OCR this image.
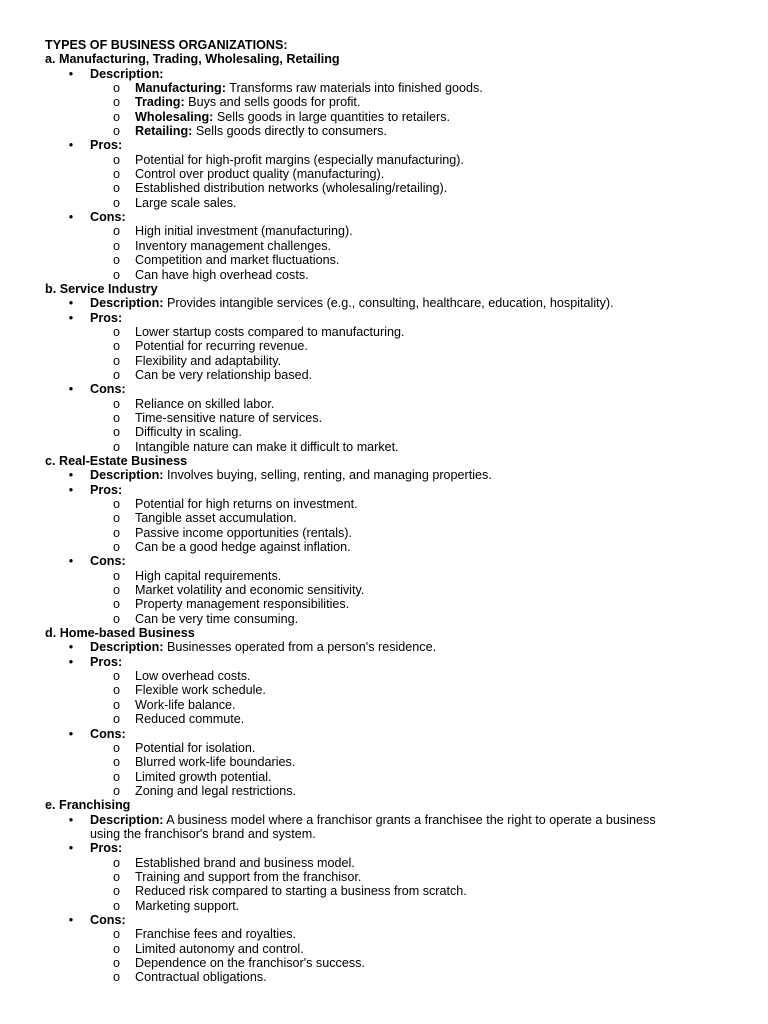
TYPES OF BUSINESS ORGANIZATIONS:
a. Manufacturing, Trading, Wholesaling, Retailing
• Description:
o Manufacturing: Transforms raw materials into finished goods.
o Trading: Buys and sells goods for profit.
o Wholesaling: Sells goods in large quantities to retailers.
o Retailing: Sells goods directly to consumers.
• Pros:
o Potential for high-profit margins (especially manufacturing).
o Control over product quality (manufacturing).
o Established distribution networks (wholesaling/retailing).
o Large scale sales.
• Cons:
o High initial investment (manufacturing).
o Inventory management challenges.
o Competition and market fluctuations.
o Can have high overhead costs.
b. Service Industry
• Description: Provides intangible services (e.g., consulting, healthcare, education, hospitality).
• Pros:
o Lower startup costs compared to manufacturing.
o Potential for recurring revenue.
o Flexibility and adaptability.
o Can be very relationship based.
• Cons:
o Reliance on skilled labor.
o Time-sensitive nature of services.
o Difficulty in scaling.
o Intangible nature can make it difficult to market.
c. Real-Estate Business
• Description: Involves buying, selling, renting, and managing properties.
• Pros:
o Potential for high returns on investment.
o Tangible asset accumulation.
o Passive income opportunities (rentals).
o Can be a good hedge against inflation.
• Cons:
o High capital requirements.
o Market volatility and economic sensitivity.
o Property management responsibilities.
o Can be very time consuming.
d. Home-based Business
• Description: Businesses operated from a person's residence.
• Pros:
o Low overhead costs.
o Flexible work schedule.
o Work-life balance.
o Reduced commute.
• Cons:
o Potential for isolation.
o Blurred work-life boundaries.
o Limited growth potential.
o Zoning and legal restrictions.
e. Franchising
• Description: A business model where a franchisor grants a franchisee the right to operate a business
using the franchisor's brand and system.
• Pros:
o Established brand and business model.
o Training and support from the franchisor.
o Reduced risk compared to starting a business from scratch.
o Marketing support.
• Cons:
o Franchise fees and royalties.
o Limited autonomy and control.
o Dependence on the franchisor's success.
o Contractual obligations.
